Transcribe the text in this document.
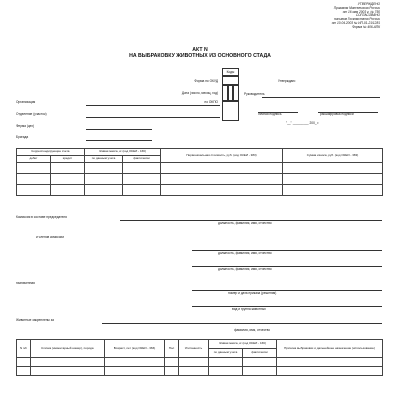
УТВЕРЖДЕНО
Приказом Минсельхоза России
от 16 мая 2003 г. № 750
СОГЛАСОВАНО
письмом Госкомстата России
от 10.04.2003 № ИП-01-21/1281
Форма № 406-АПК
АКТ N
НА ВЫБРАКОВКУ ЖИВОТНЫХ ИЗ ОСНОВНОГО СТАДА
Коды
Форма по ОКУД
Дата (число, месяц, год)
по ОКПО
Утверждаю:
Руководитель
личная подпись	расшифровка подписи
"__" _________ 200_ г.
Организация
Отделение (участок)
Ферма (цех)
Бригада
Корреспондирующие счета		Живая масса, кг (код ОКЕИ - 166)		Первоначальная стоимость, руб. (код ОКЕИ - 383)	Сумма износа, руб. (код ОКЕИ - 383)
дебет	кредит	по данным учета	фактически		

Комиссия в составе председателя
должность, фамилия, имя, отчество
и членов комиссии
должность, фамилия, имя, отчество
должность, фамилия, имя, отчество
назначенная
номер и дата приказа (решения)
вид и группа животных
Животные закреплены за
фамилия, имя, отчество
N п/п	Кличка (инвентарный номер), порода	Возраст, лет (код ОКЕИ - 366)	Пол	Упитанность	Живая масса, кг (код ОКЕИ - 166)		Причина выбраковки и дальнейшее назначение (использование)
					по данным учета	фактически	
